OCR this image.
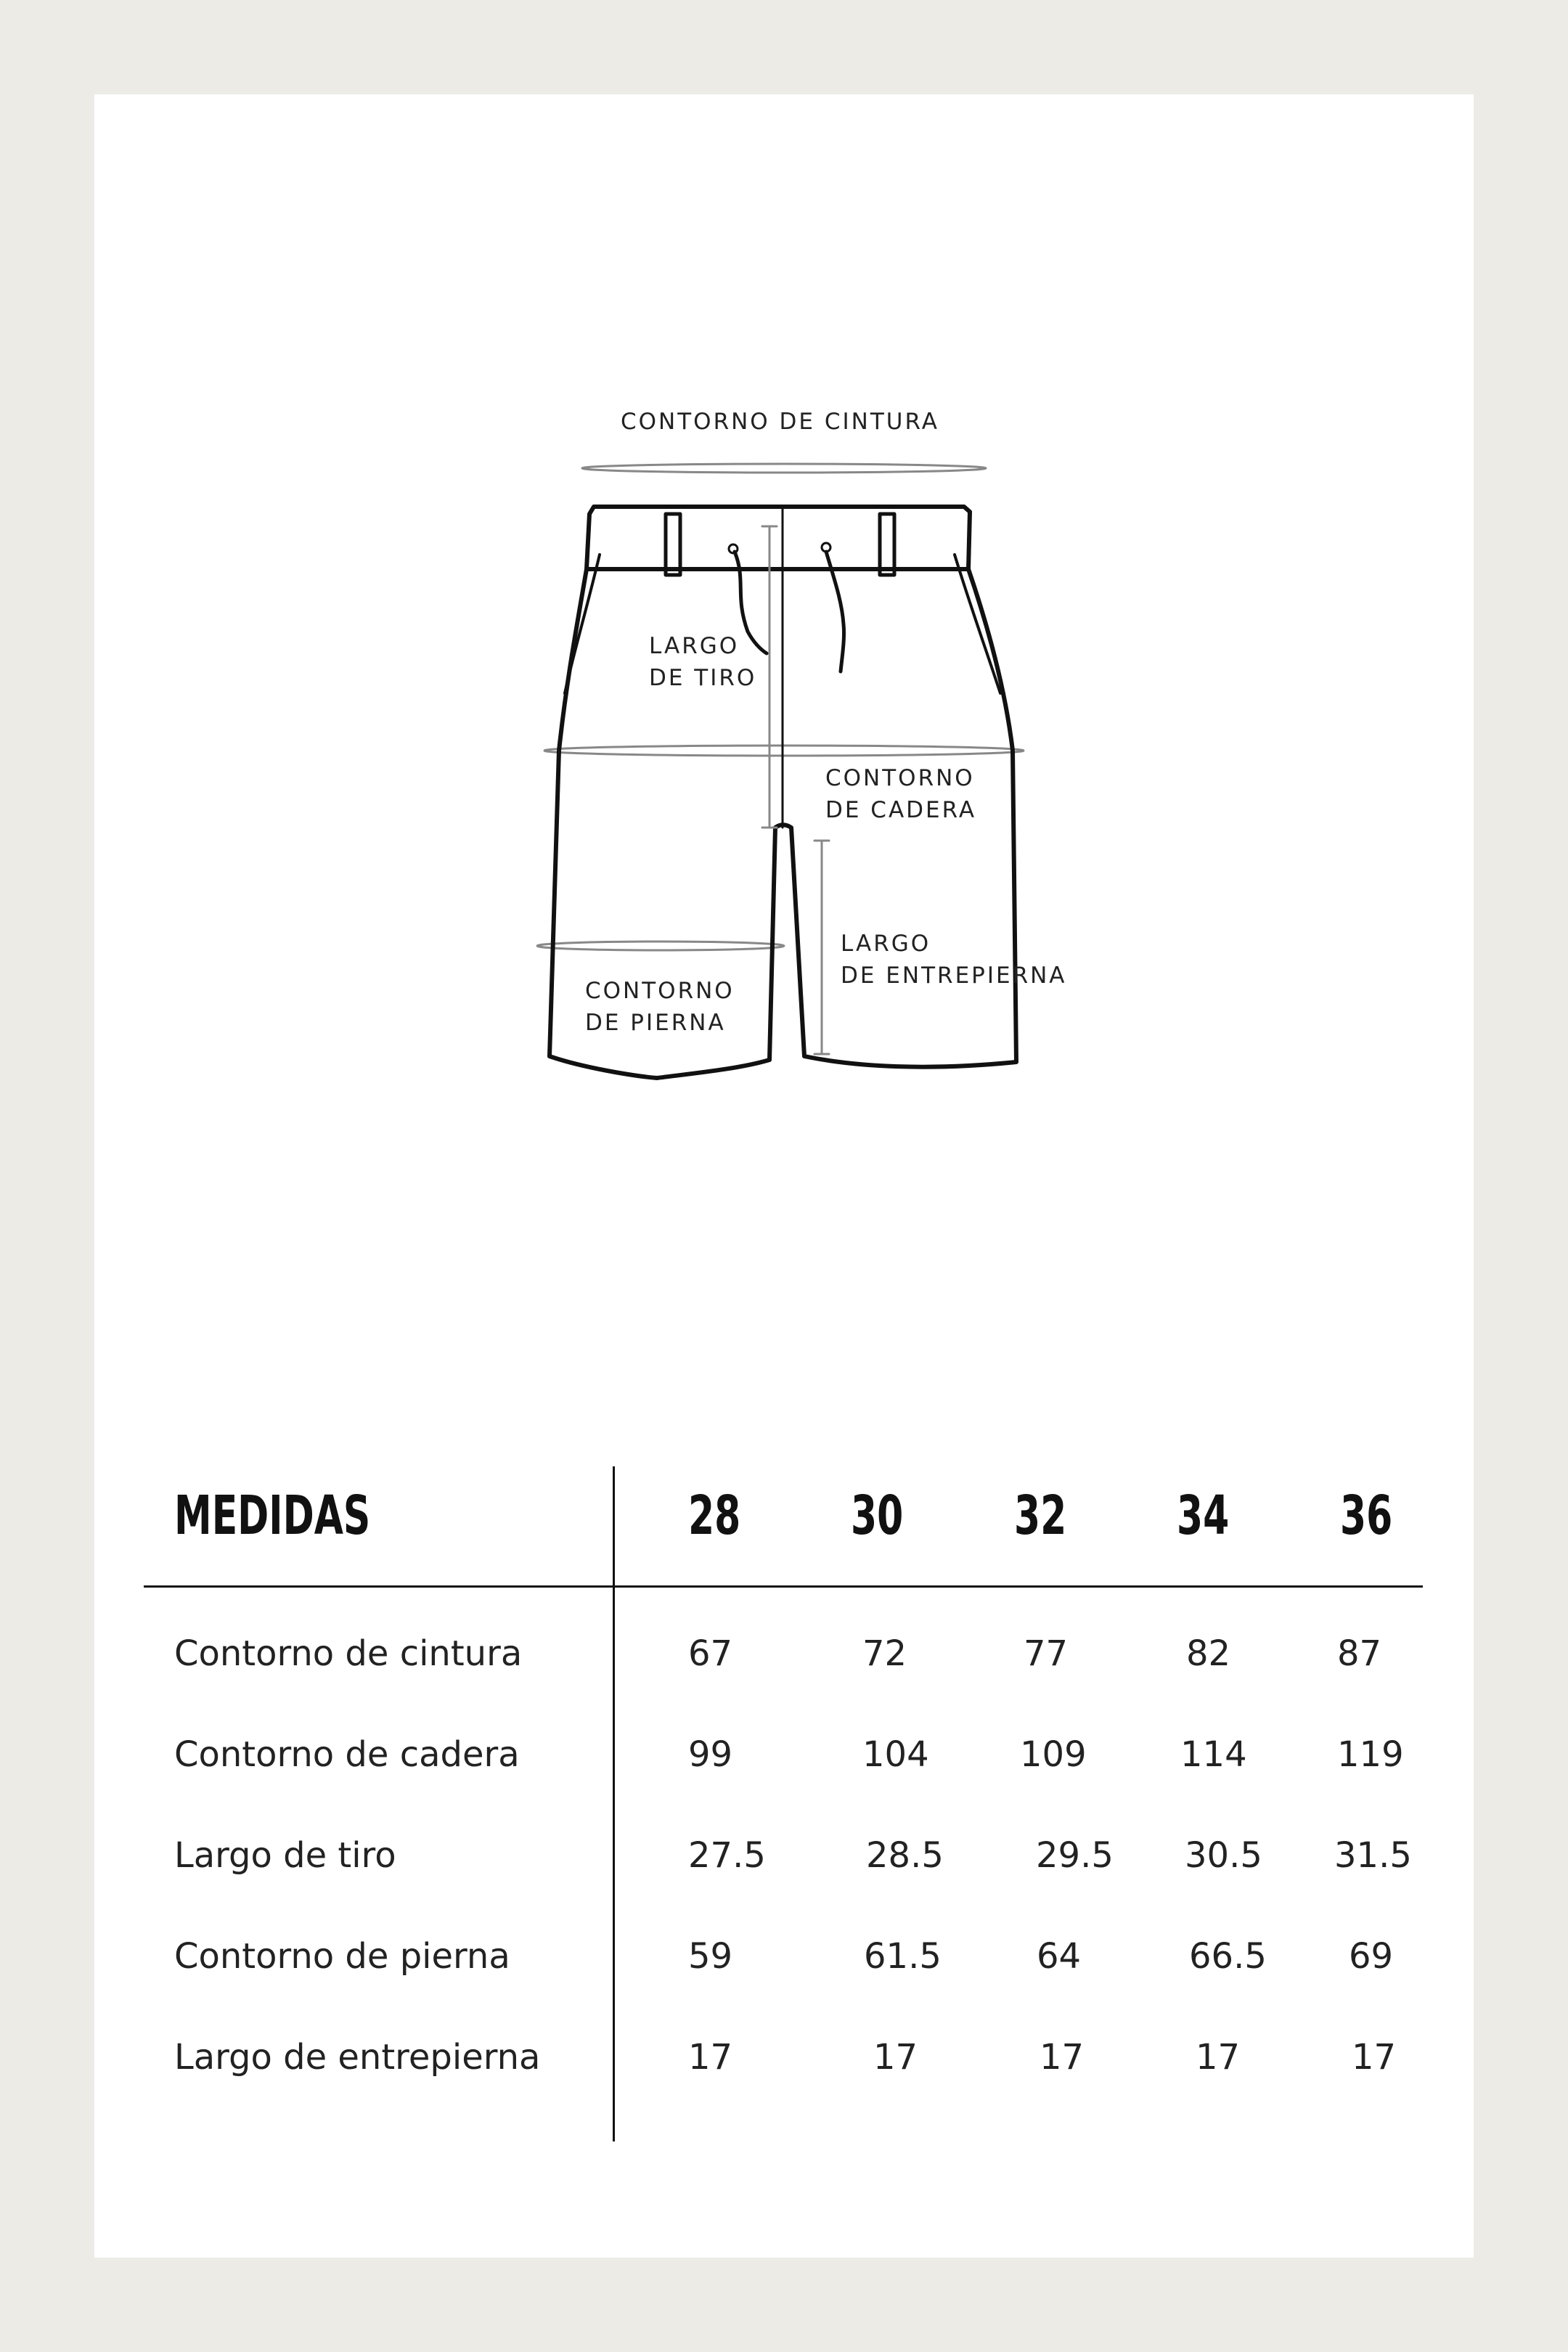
CONTORNO DE CINTURA
LARGO
DE TIRO
CONTORNO
DE CADERA
LARGO
DE ENTREPIERNA
CONTORNO
DE PIERNA
MEDIDAS	28 30 32 34 36
Contorno de cintura	67	72	77	82	87
Contorno de cadera	99	104	109	114	119
Largo de tiro	27.5	28.5	29.5 30.5 31.5
Contorno de pierna	59	61.5	64	66.5 69
Largo de entrepierna	17	17	17	17	17
